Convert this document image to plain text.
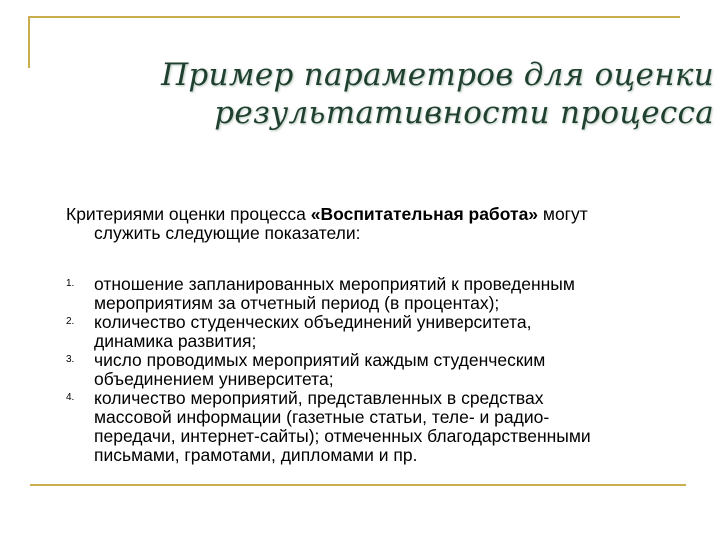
Пример параметров для оценки
результативности процесса
Критериями оценки процесса «Воспитательная работа» могут
служить следующие показатели:
1. отношение запланированных мероприятий к проведенным
мероприятиям за отчетный период (в процентах);
2. количество студенческих объединений университета,
динамика развития;
3. число проводимых мероприятий каждым студенческим
объединением университета;
4. количество мероприятий, представленных в средствах
массовой информации (газетные статьи, теле- и радио-
передачи, интернет-сайты); отмеченных благодарственными
письмами, грамотами, дипломами и пр.
